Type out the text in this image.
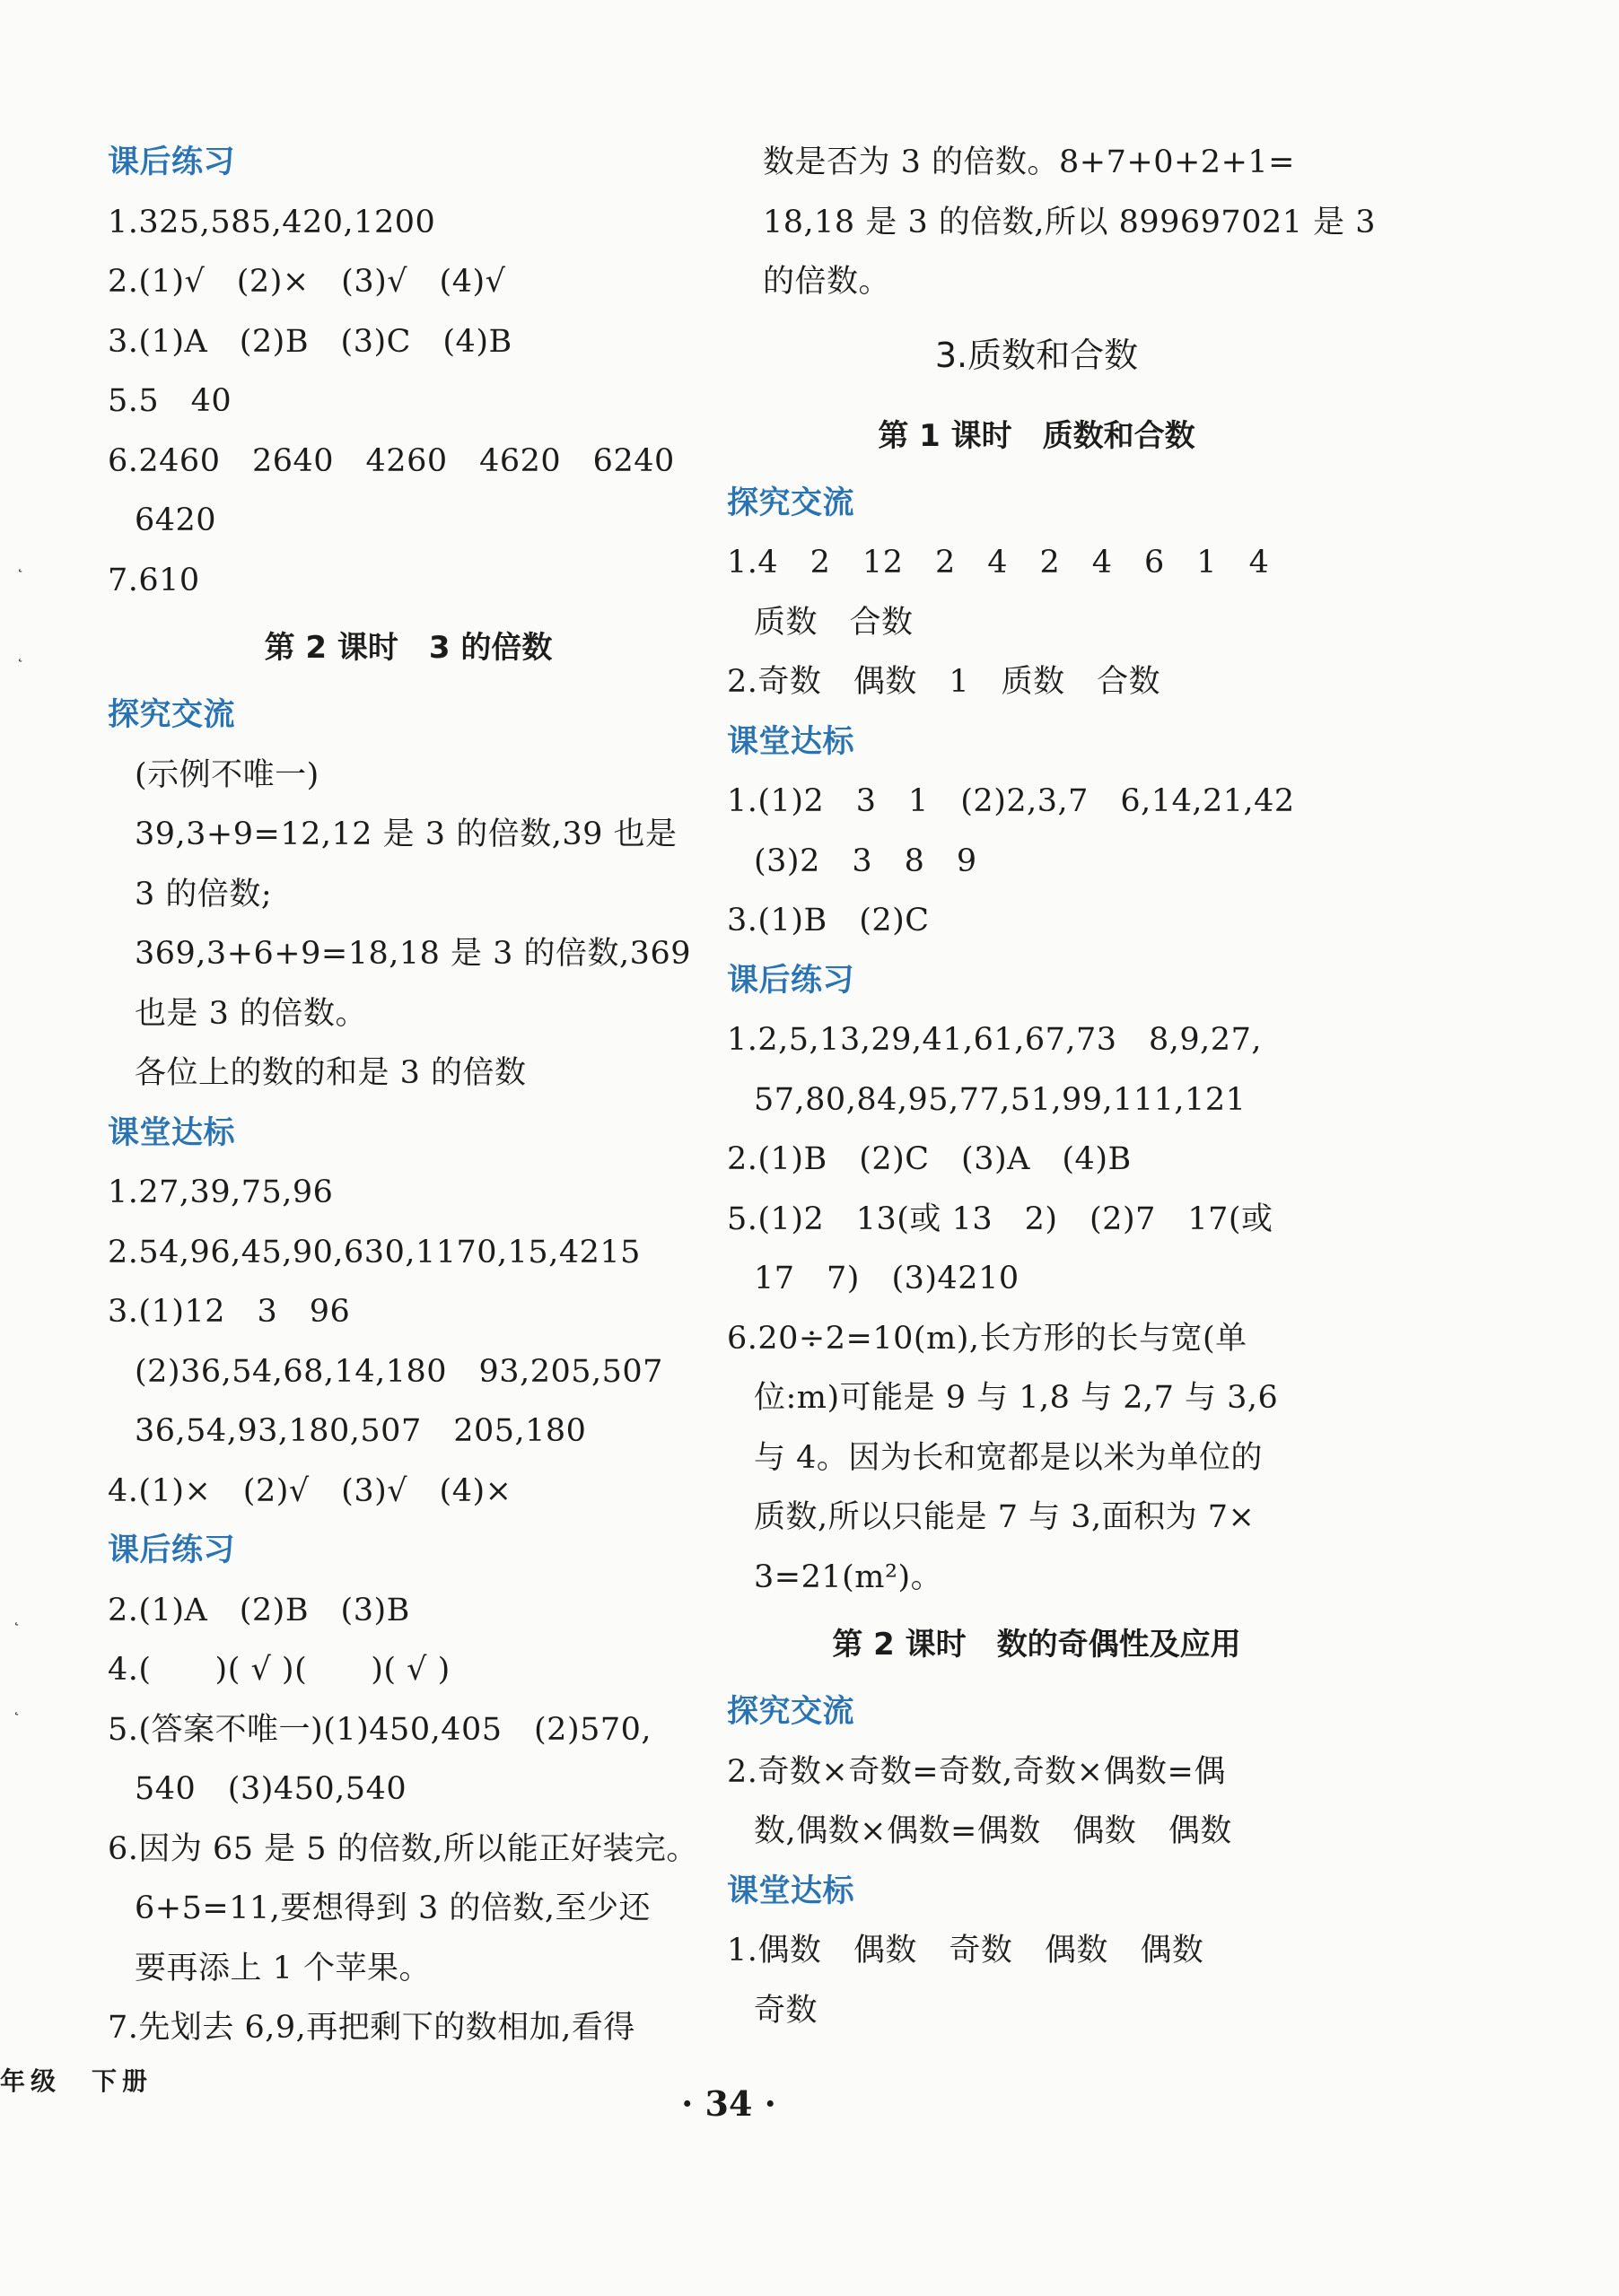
课后练习
1.325,585,420,1200
2.(1)√　(2)×　(3)√　(4)√
3.(1)A　(2)B　(3)C　(4)B
5.5　40
6.2460　2640　4260　4620　6240
6420
7.610
第 2 课时　3 的倍数
探究交流
(示例不唯一)
39,3+9=12,12 是 3 的倍数,39 也是
3 的倍数;
369,3+6+9=18,18 是 3 的倍数,369
也是 3 的倍数。
各位上的数的和是 3 的倍数
课堂达标
1.27,39,75,96
2.54,96,45,90,630,1170,15,4215
3.(1)12　3　96
(2)36,54,68,14,180　93,205,507
36,54,93,180,507　205,180
4.(1)×　(2)√　(3)√　(4)×
课后练习
2.(1)A　(2)B　(3)B
4.(　　)( √ )(　　)( √ )
5.(答案不唯一)(1)450,405　(2)570,
540　(3)450,540
6.因为 65 是 5 的倍数,所以能正好装完。
6+5=11,要想得到 3 的倍数,至少还
要再添上 1 个苹果。
7.先划去 6,9,再把剩下的数相加,看得
数是否为 3 的倍数。8+7+0+2+1=
18,18 是 3 的倍数,所以 899697021 是 3
的倍数。
3.质数和合数
第 1 课时　质数和合数
探究交流
1.4　2　12　2　4　2　4　6　1　4
质数　合数
2.奇数　偶数　1　质数　合数
课堂达标
1.(1)2　3　1　(2)2,3,7　6,14,21,42
(3)2　3　8　9
3.(1)B　(2)C
课后练习
1.2,5,13,29,41,61,67,73　8,9,27,
57,80,84,95,77,51,99,111,121
2.(1)B　(2)C　(3)A　(4)B
5.(1)2　13(或 13　2)　(2)7　17(或
17　7)　(3)4210
6.20÷2=10(m),长方形的长与宽(单
位:m)可能是 9 与 1,8 与 2,7 与 3,6
与 4。因为长和宽都是以米为单位的
质数,所以只能是 7 与 3,面积为 7×
3=21(m²)。
第 2 课时　数的奇偶性及应用
探究交流
2.奇数×奇数=奇数,奇数×偶数=偶
数,偶数×偶数=偶数　偶数　偶数
课堂达标
1.偶数　偶数　奇数　偶数　偶数
奇数
˛
˛
˛
˛
年级　下册
· 34 ·
